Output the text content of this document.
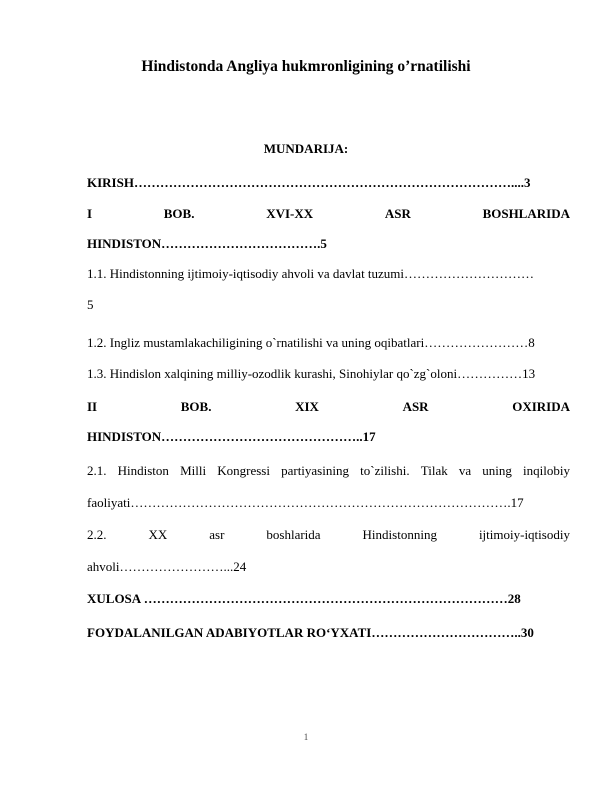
Hindistonda Angliya hukmronligining o’rnatilishi
MUNDARIJA:
KIRISH……………………………………………………………………………....3
I	BOB.	XVI-XX	ASR	BOSHLARIDA
HINDISTON……………………………….5
1.1. Hindistonning ijtimoiy-iqtisodiy ahvoli va davlat tuzumi…………………………
5
1.2. Ingliz mustamlakachiligining o`rnatilishi va uning oqibatlari……………………8
1.3. Hindislon xalqining milliy-ozodlik kurashi, Sinohiylar qo`zg`oloni……………13
II	BOB.	XIX	ASR	OXIRIDA
HINDISTON………………………………………..17
2.1. Hindiston Milli Kongressi partiyasining to`zilishi. Tilak va uning inqilobiy
faoliyati…………………………………………………………………………….17
2.2.	XX	asr	boshlarida	Hindistonning	ijtimoiy-iqtisodiy
ahvoli……………………...24
XULOSA …………………………………………………………………………28
FOYDALANILGAN ADABIYOTLAR RO‘YXATI……………………………..30
1
